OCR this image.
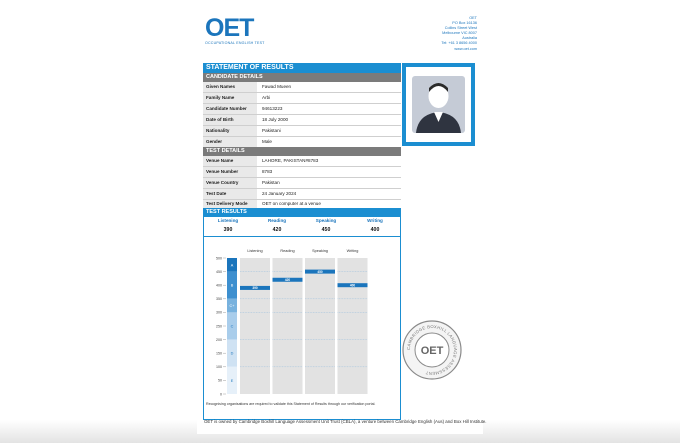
OET
OCCUPATIONAL ENGLISH TEST
OET
PO Box 16136
Collins Street West
Melbourne VIC 8007
Australia
Tel: +61 3 8656 4000
www.oet.com
STATEMENT OF RESULTS
CANDIDATE DETAILS
Given Names	Fawad Mueen
Family Name	Arbi
Candidate Number	94613223
Date of Birth	18 July 2000
Nationality	Pakistani
Gender	Male
TEST DETAILS
Venue Name	LAHORE, PAKISTAN#8783
Venue Number	8783
Venue Country	Pakistan
Test Date	24 January 2024
Test Delivery Mode	OET on computer at a venue
TEST RESULTS
Listening	Reading	Speaking	Writing
390	420	450	400
500
450
400
350
300
250
200
150
100
50
0
A
B
C+
C
D
E
Listening
390
Reading
420
Speaking
450
Writing
400
Recognising organisations are required to validate this Statement of Results through our verification portal.
CAMBRIDGE BOXHILL LANGUAGE ASSESSMENT
OET
OET is owned by Cambridge Boxhill Language Assessment Unit Trust (CBLA), a venture between Cambridge English (Aus) and Box Hill Institute.
